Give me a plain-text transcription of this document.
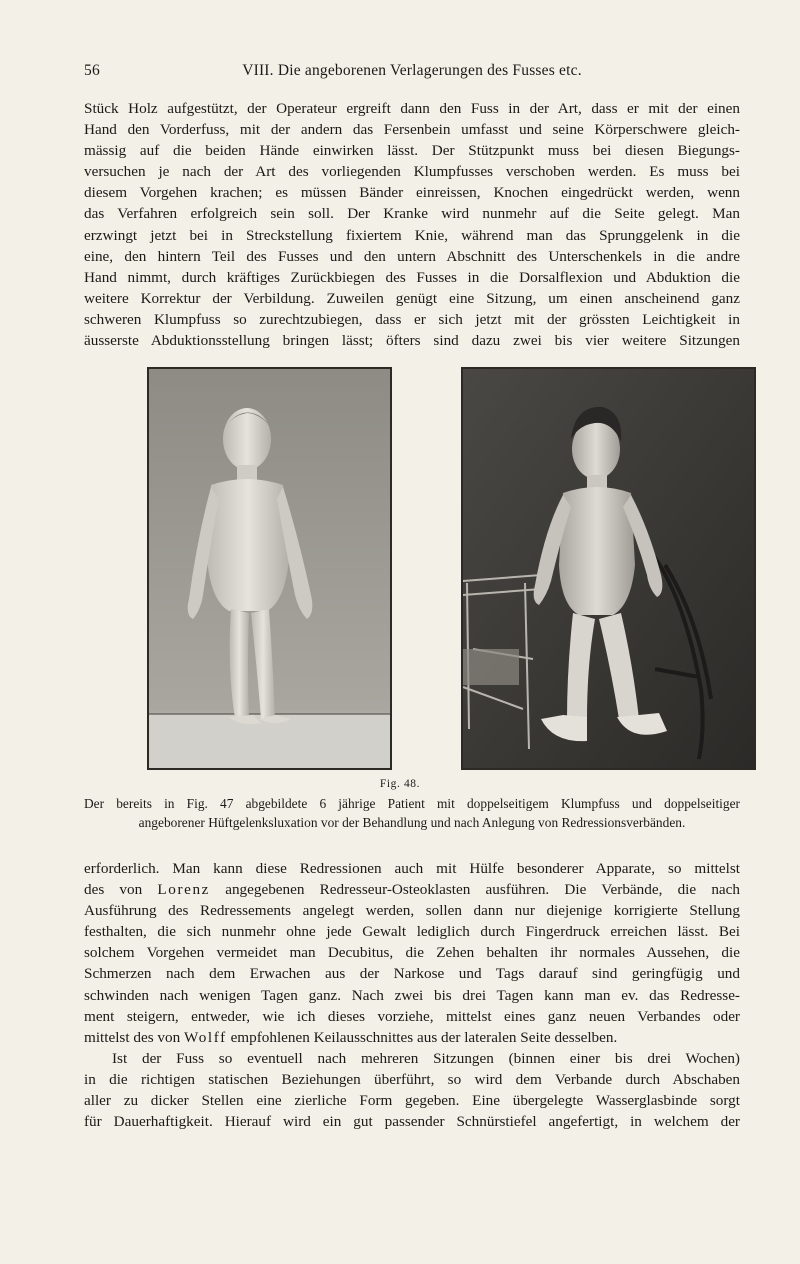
56	VIII. Die angeborenen Verlagerungen des Fusses etc.
Stück Holz aufgestützt, der Operateur ergreift dann den Fuss in der Art, dass er mit der einen
Hand den Vorderfuss, mit der andern das Fersenbein umfasst und seine Körperschwere gleich-
mässig auf die beiden Hände einwirken lässt. Der Stützpunkt muss bei diesen Biegungs-
versuchen je nach der Art des vorliegenden Klumpfusses verschoben werden. Es muss bei
diesem Vorgehen krachen; es müssen Bänder einreissen, Knochen eingedrückt werden, wenn
das Verfahren erfolgreich sein soll. Der Kranke wird nunmehr auf die Seite gelegt. Man
erzwingt jetzt bei in Streckstellung fixiertem Knie, während man das Sprunggelenk in die
eine, den hintern Teil des Fusses und den untern Abschnitt des Unterschenkels in die andre
Hand nimmt, durch kräftiges Zurückbiegen des Fusses in die Dorsalflexion und Abduktion die
weitere Korrektur der Verbildung. Zuweilen genügt eine Sitzung, um einen anscheinend ganz
schweren Klumpfuss so zurechtzubiegen, dass er sich jetzt mit der grössten Leichtigkeit in
äusserste Abduktionsstellung bringen lässt; öfters sind dazu zwei bis vier weitere Sitzungen
Fig. 48.
Der bereits in Fig. 47 abgebildete 6 jährige Patient mit doppelseitigem Klumpfuss und doppelseitiger
angeborener Hüftgelenksluxation vor der Behandlung und nach Anlegung von Redressionsverbänden.
erforderlich. Man kann diese Redressionen auch mit Hülfe besonderer Apparate, so mittelst
des von Lorenz angegebenen Redresseur-Osteoklasten ausführen. Die Verbände, die nach
Ausführung des Redressements angelegt werden, sollen dann nur diejenige korrigierte Stellung
festhalten, die sich nunmehr ohne jede Gewalt lediglich durch Fingerdruck erreichen lässt. Bei
solchem Vorgehen vermeidet man Decubitus, die Zehen behalten ihr normales Aussehen, die
Schmerzen nach dem Erwachen aus der Narkose und Tags darauf sind geringfügig und
schwinden nach wenigen Tagen ganz. Nach zwei bis drei Tagen kann man ev. das Redresse-
ment steigern, entweder, wie ich dieses vorziehe, mittelst eines ganz neuen Verbandes oder
mittelst des von Wolff empfohlenen Keilausschnittes aus der lateralen Seite desselben.
Ist der Fuss so eventuell nach mehreren Sitzungen (binnen einer bis drei Wochen)
in die richtigen statischen Beziehungen überführt, so wird dem Verbande durch Abschaben
aller zu dicker Stellen eine zierliche Form gegeben. Eine übergelegte Wasserglasbinde sorgt
für Dauerhaftigkeit. Hierauf wird ein gut passender Schnürstiefel angefertigt, in welchem der
